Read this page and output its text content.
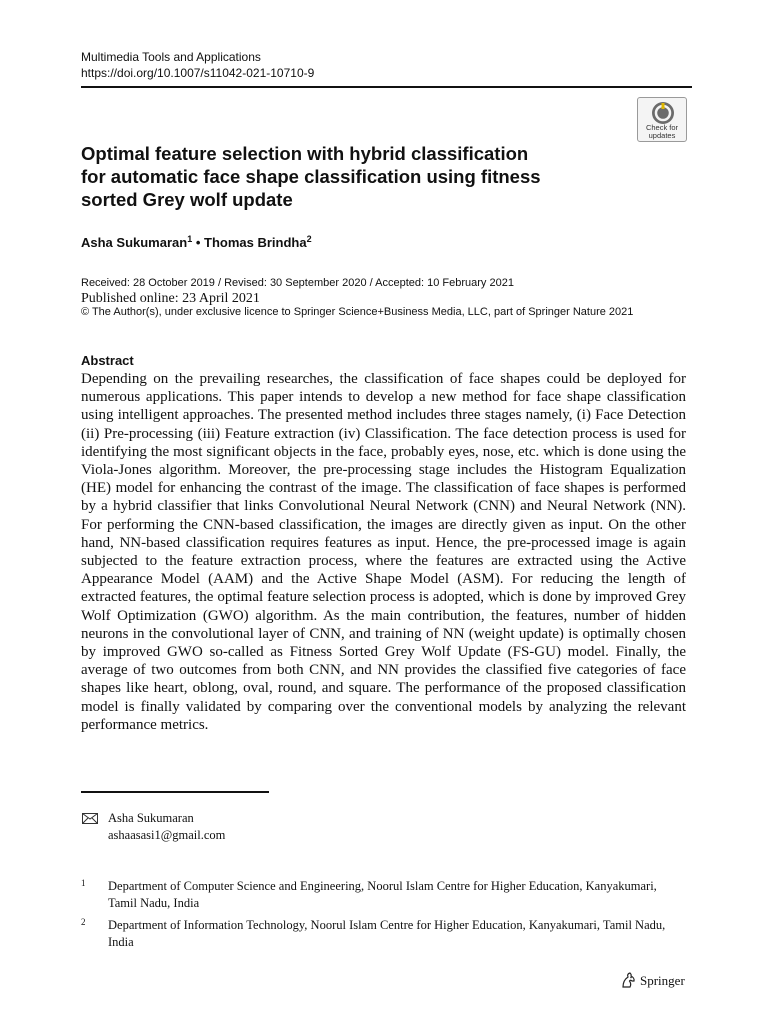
Multimedia Tools and Applications
https://doi.org/10.1007/s11042-021-10710-9
Check for
updates
Optimal feature selection with hybrid classification
for automatic face shape classification using fitness
sorted Grey wolf update
Asha Sukumaran$^1$ • Thomas Brindha$^2$
Received: 28 October 2019 / Revised: 30 September 2020 / Accepted: 10 February 2021
Published online: 23 April 2021
© The Author(s), under exclusive licence to Springer Science+Business Media, LLC, part of Springer Nature 2021
Abstract
Depending on the prevailing researches, the classification of face shapes could be deployed for numerous applications. This paper intends to develop a new method for face shape classification using intelligent approaches. The presented method includes three stages namely, (i) Face Detection (ii) Pre-processing (iii) Feature extraction (iv) Classification. The face detection process is used for identifying the most significant objects in the face, probably eyes, nose, etc. which is done using the Viola-Jones algorithm. Moreover, the pre-processing stage includes the Histogram Equalization (HE) model for enhancing the contrast of the image. The classification of face shapes is performed by a hybrid classifier that links Convolutional Neural Network (CNN) and Neural Network (NN). For performing the CNN-based classification, the images are directly given as input. On the other hand, NN-based classification requires features as input. Hence, the pre-processed image is again subjected to the feature extraction process, where the features are extracted using the Active Appearance Model (AAM) and the Active Shape Model (ASM). For reducing the length of extracted features, the optimal feature selection process is adopted, which is done by improved Grey Wolf Optimization (GWO) algorithm. As the main contribution, the features, number of hidden neurons in the convolutional layer of CNN, and training of NN (weight update) is optimally chosen by improved GWO so-called as Fitness Sorted Grey Wolf Update (FS-GU) model. Finally, the average of two outcomes from both CNN, and NN provides the classified five categories of face shapes like heart, oblong, oval, round, and square. The performance of the proposed classification model is finally validated by comparing over the conventional models by analyzing the relevant performance metrics.
Asha Sukumaran
ashaasasi1@gmail.com
1 Department of Computer Science and Engineering, Noorul Islam Centre for Higher Education, Kanyakumari, Tamil Nadu, India
2 Department of Information Technology, Noorul Islam Centre for Higher Education, Kanyakumari, Tamil Nadu, India
Springer
